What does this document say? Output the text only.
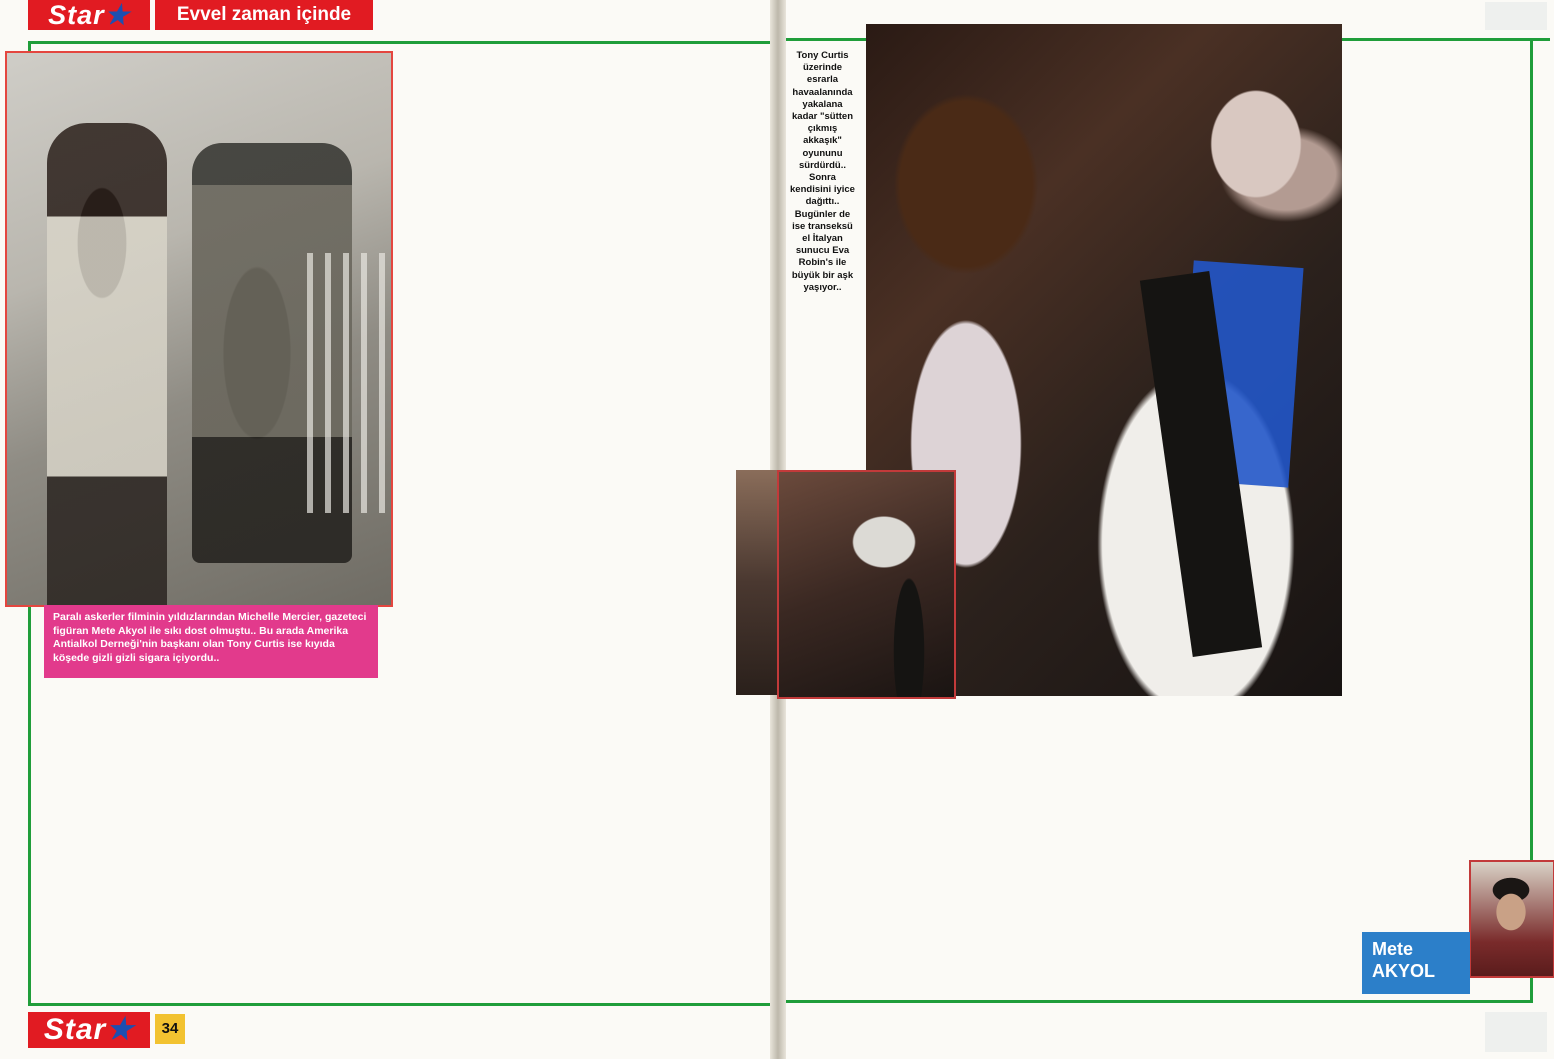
Star★	Evvel zaman içinde
Paralı askerler filminin yıldızlarından Michelle Mercier, gazeteci figüran Mete Akyol ile sıkı dost olmuştu.. Bu arada Amerika Antialkol Derneği'nin başkanı olan Tony Curtis ise kıyıda köşede gizli gizli sigara içiyordu..

Tony Curtis üzerinde esrarla havaalanında yakalana kadar "sütten çıkmış akkaşık" oyununu sürdürdü.. Sonra kendisini iyice dağıttı.. Bugünler de ise transeksü el İtalyan sunucu Eva Robin's ile büyük bir aşk yaşıyor..

Mete
AKYOL
Star★	34
